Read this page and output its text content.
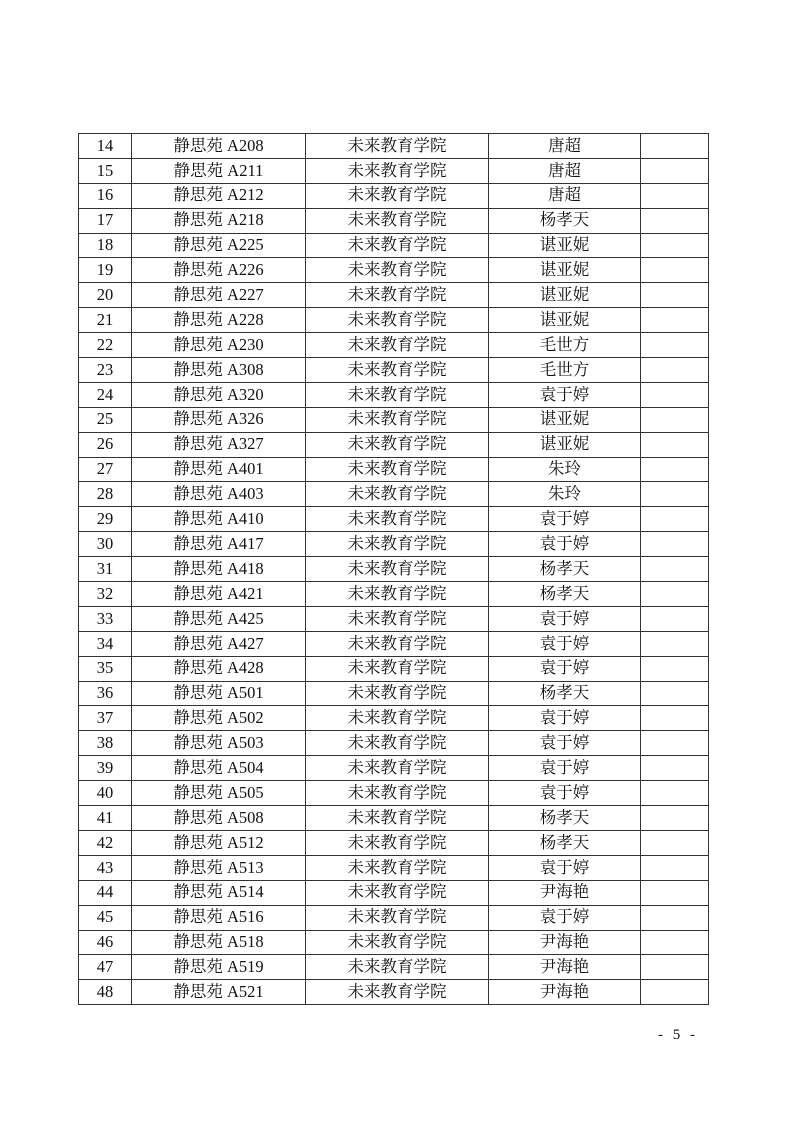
14	静思苑 A208	未来教育学院	唐超	
15	静思苑 A211	未来教育学院	唐超	
16	静思苑 A212	未来教育学院	唐超	
17	静思苑 A218	未来教育学院	杨孝天	
18	静思苑 A225	未来教育学院	谌亚妮	
19	静思苑 A226	未来教育学院	谌亚妮	
20	静思苑 A227	未来教育学院	谌亚妮	
21	静思苑 A228	未来教育学院	谌亚妮	
22	静思苑 A230	未来教育学院	毛世方	
23	静思苑 A308	未来教育学院	毛世方	
24	静思苑 A320	未来教育学院	袁于婷	
25	静思苑 A326	未来教育学院	谌亚妮	
26	静思苑 A327	未来教育学院	谌亚妮	
27	静思苑 A401	未来教育学院	朱玲	
28	静思苑 A403	未来教育学院	朱玲	
29	静思苑 A410	未来教育学院	袁于婷	
30	静思苑 A417	未来教育学院	袁于婷	
31	静思苑 A418	未来教育学院	杨孝天	
32	静思苑 A421	未来教育学院	杨孝天	
33	静思苑 A425	未来教育学院	袁于婷	
34	静思苑 A427	未来教育学院	袁于婷	
35	静思苑 A428	未来教育学院	袁于婷	
36	静思苑 A501	未来教育学院	杨孝天	
37	静思苑 A502	未来教育学院	袁于婷	
38	静思苑 A503	未来教育学院	袁于婷	
39	静思苑 A504	未来教育学院	袁于婷	
40	静思苑 A505	未来教育学院	袁于婷	
41	静思苑 A508	未来教育学院	杨孝天	
42	静思苑 A512	未来教育学院	杨孝天	
43	静思苑 A513	未来教育学院	袁于婷	
44	静思苑 A514	未来教育学院	尹海艳	
45	静思苑 A516	未来教育学院	袁于婷	
46	静思苑 A518	未来教育学院	尹海艳	
47	静思苑 A519	未来教育学院	尹海艳	
48	静思苑 A521	未来教育学院	尹海艳	
- 5 -
